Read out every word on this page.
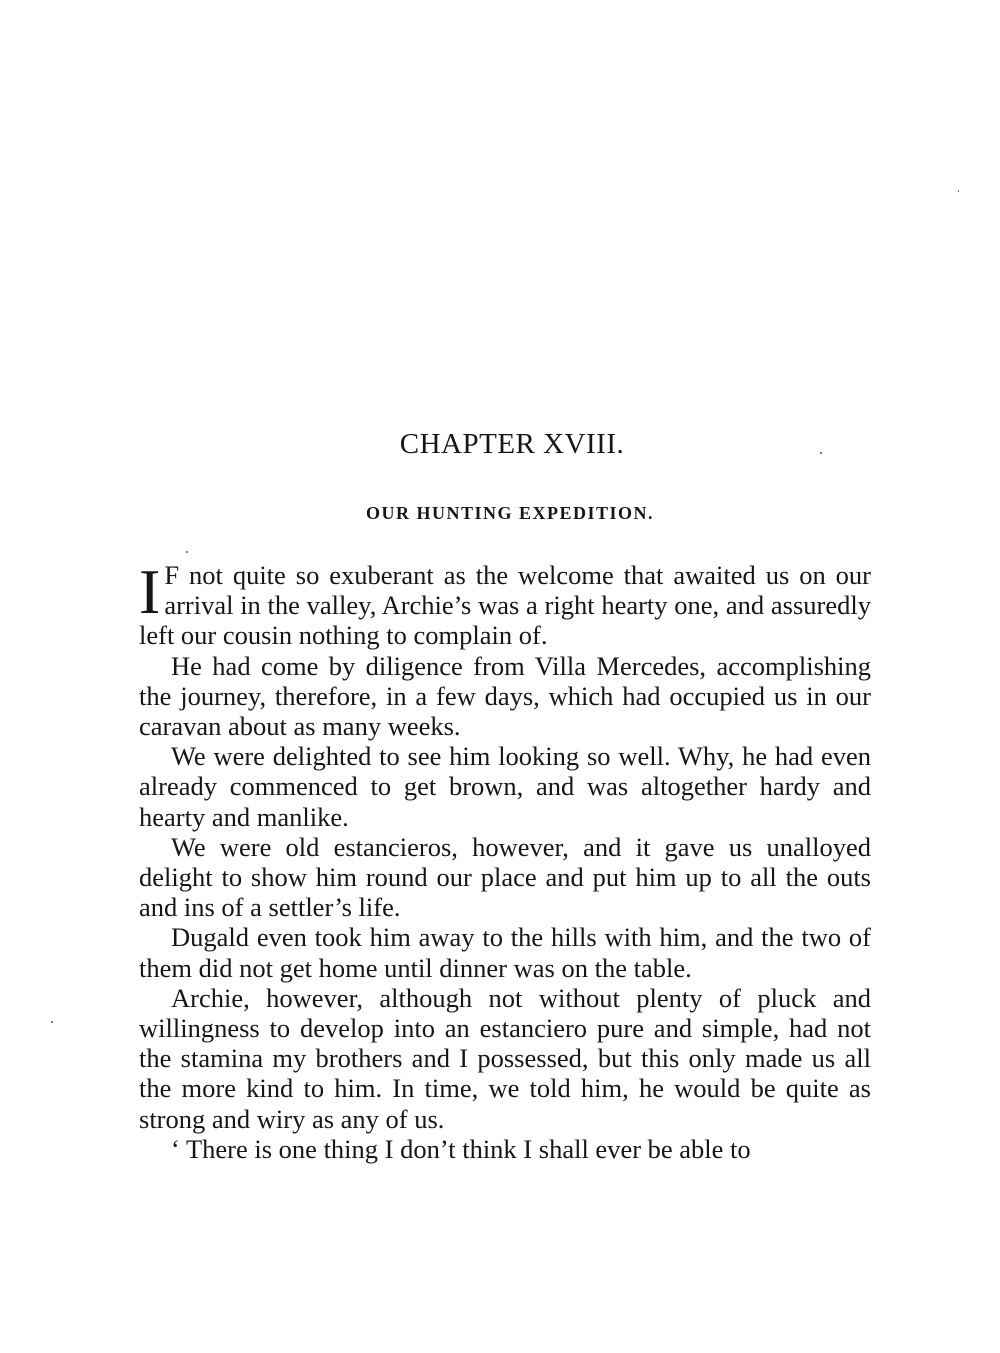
CHAPTER XVIII.
OUR HUNTING EXPEDITION.

IF not quite so exuberant as the welcome that awaited us on our arrival in the valley, Archie’s was a right hearty one, and assuredly left our cousin nothing to complain of.

He had come by diligence from Villa Mercedes, accomplishing the journey, therefore, in a few days, which had occupied us in our caravan about as many weeks.

We were delighted to see him looking so well. Why, he had even already commenced to get brown, and was altogether hardy and hearty and manlike.

We were old estancieros, however, and it gave us unalloyed delight to show him round our place and put him up to all the outs and ins of a settler’s life.

Dugald even took him away to the hills with him, and the two of them did not get home until dinner was on the table.

Archie, however, although not without plenty of pluck and willingness to develop into an estanciero pure and simple, had not the stamina my brothers and I possessed, but this only made us all the more kind to him. In time, we told him, he would be quite as strong and wiry as any of us.

‘ There is one thing I don’t think I shall ever be able to
